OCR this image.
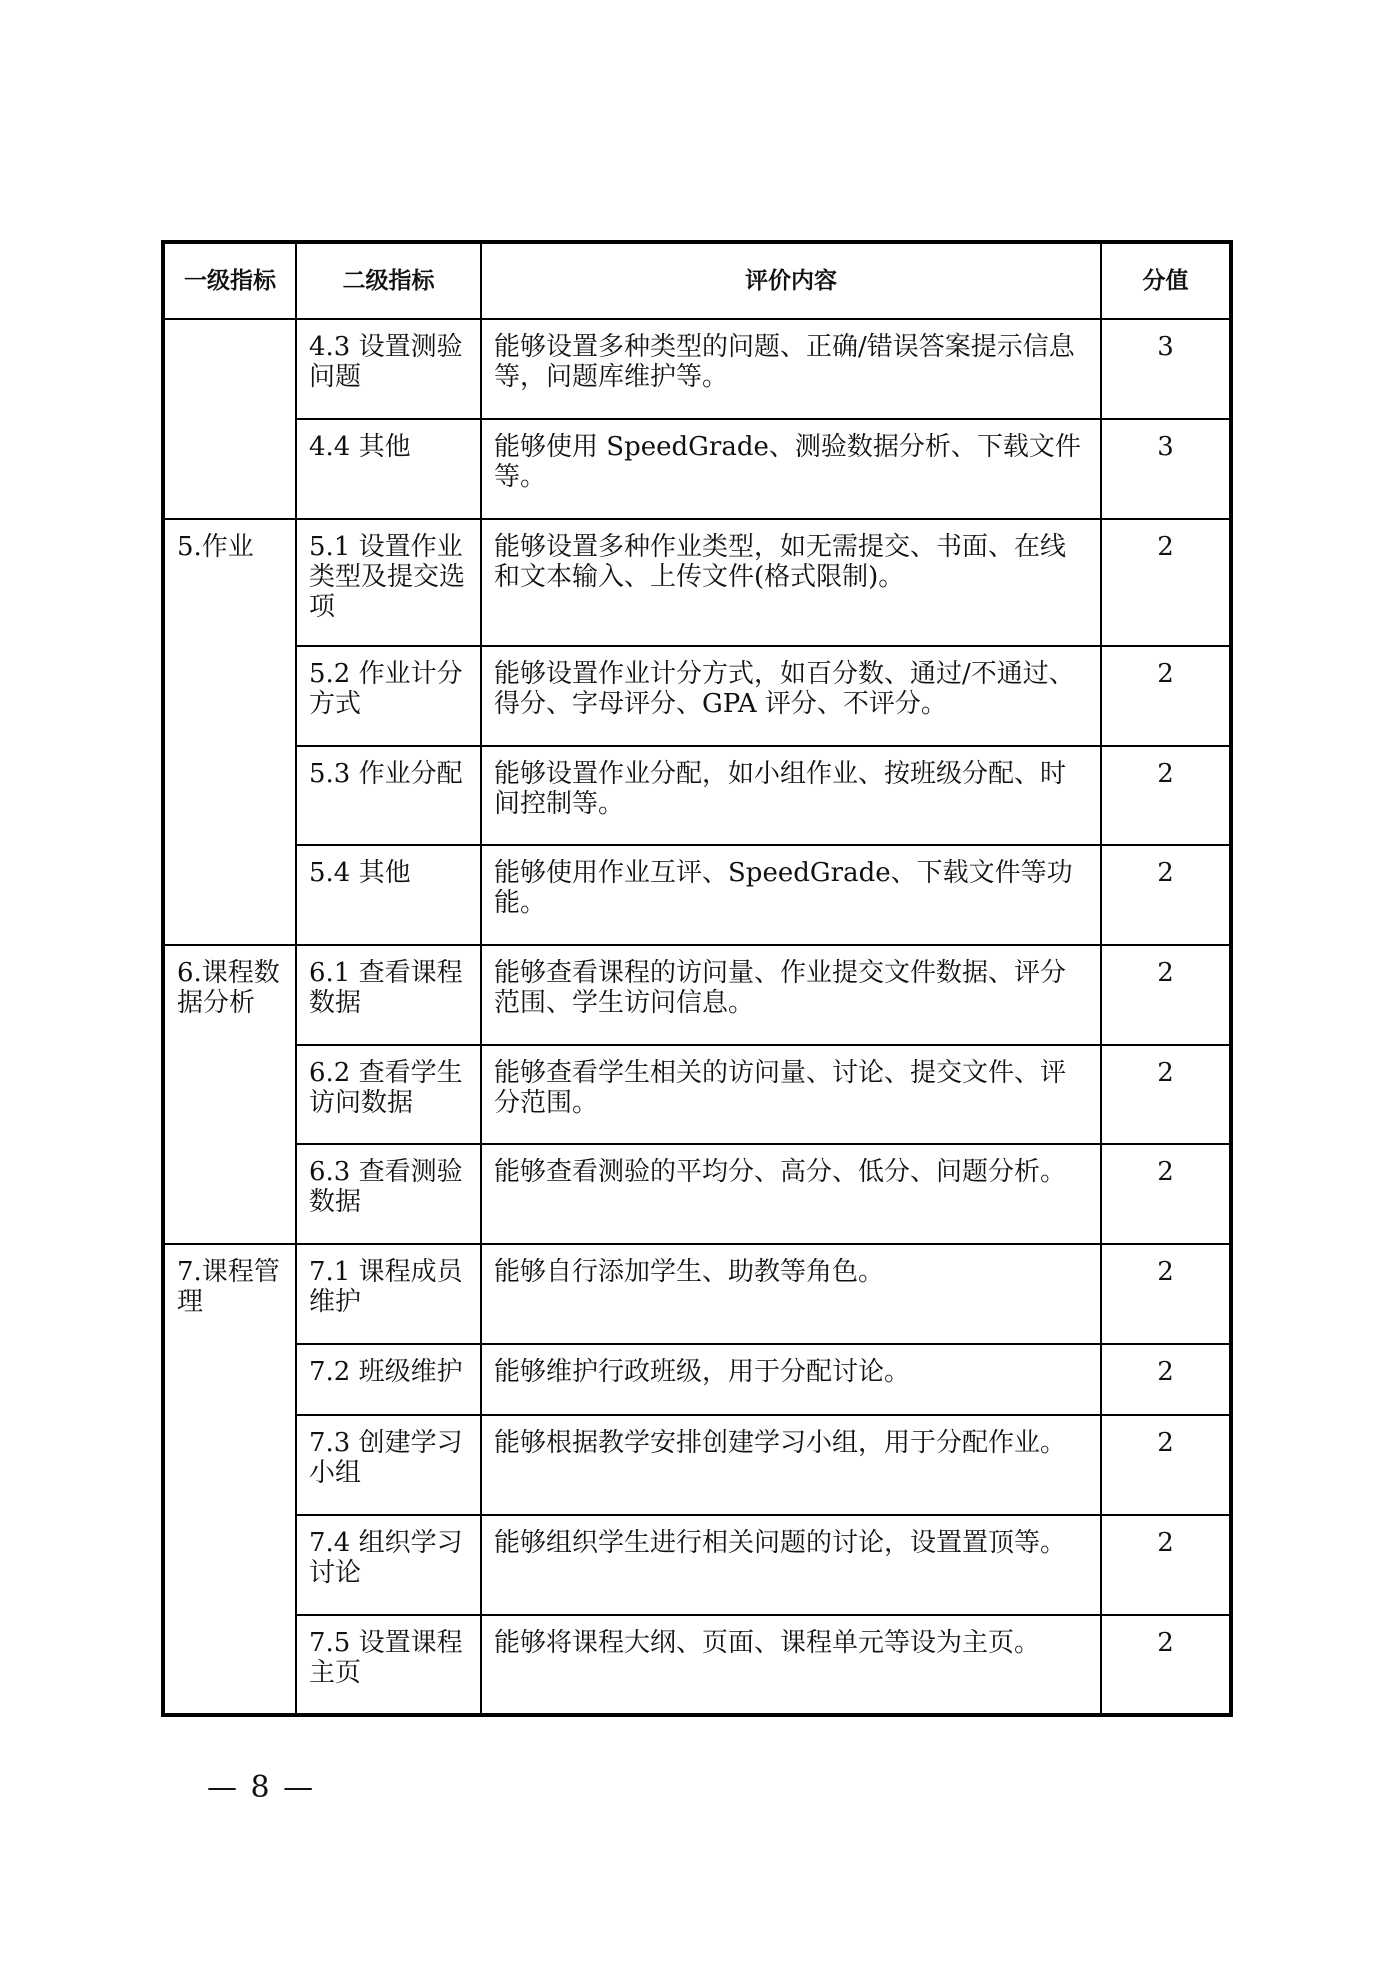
一级指标	二级指标	评价内容	分值
	4.3 设置测验问题	能够设置多种类型的问题、正确/错误答案提示信息等，问题库维护等。	3
	4.4 其他	能够使用 SpeedGrade、测验数据分析、下载文件等。	3
5.作业	5.1 设置作业类型及提交选项	能够设置多种作业类型，如无需提交、书面、在线和文本输入、上传文件(格式限制)。	2
	5.2 作业计分方式	能够设置作业计分方式，如百分数、通过/不通过、得分、字母评分、GPA 评分、不评分。	2
	5.3 作业分配	能够设置作业分配，如小组作业、按班级分配、时间控制等。	2
	5.4 其他	能够使用作业互评、SpeedGrade、下载文件等功能。	2
6.课程数据分析	6.1 查看课程数据	能够查看课程的访问量、作业提交文件数据、评分范围、学生访问信息。	2
	6.2 查看学生访问数据	能够查看学生相关的访问量、讨论、提交文件、评分范围。	2
	6.3 查看测验数据	能够查看测验的平均分、高分、低分、问题分析。	2
7.课程管理	7.1 课程成员维护	能够自行添加学生、助教等角色。	2
	7.2 班级维护	能够维护行政班级，用于分配讨论。	2
	7.3 创建学习小组	能够根据教学安排创建学习小组，用于分配作业。	2
	7.4 组织学习讨论	能够组织学生进行相关问题的讨论，设置置顶等。	2
	7.5 设置课程主页	能够将课程大纲、页面、课程单元等设为主页。	2
— 8 —
